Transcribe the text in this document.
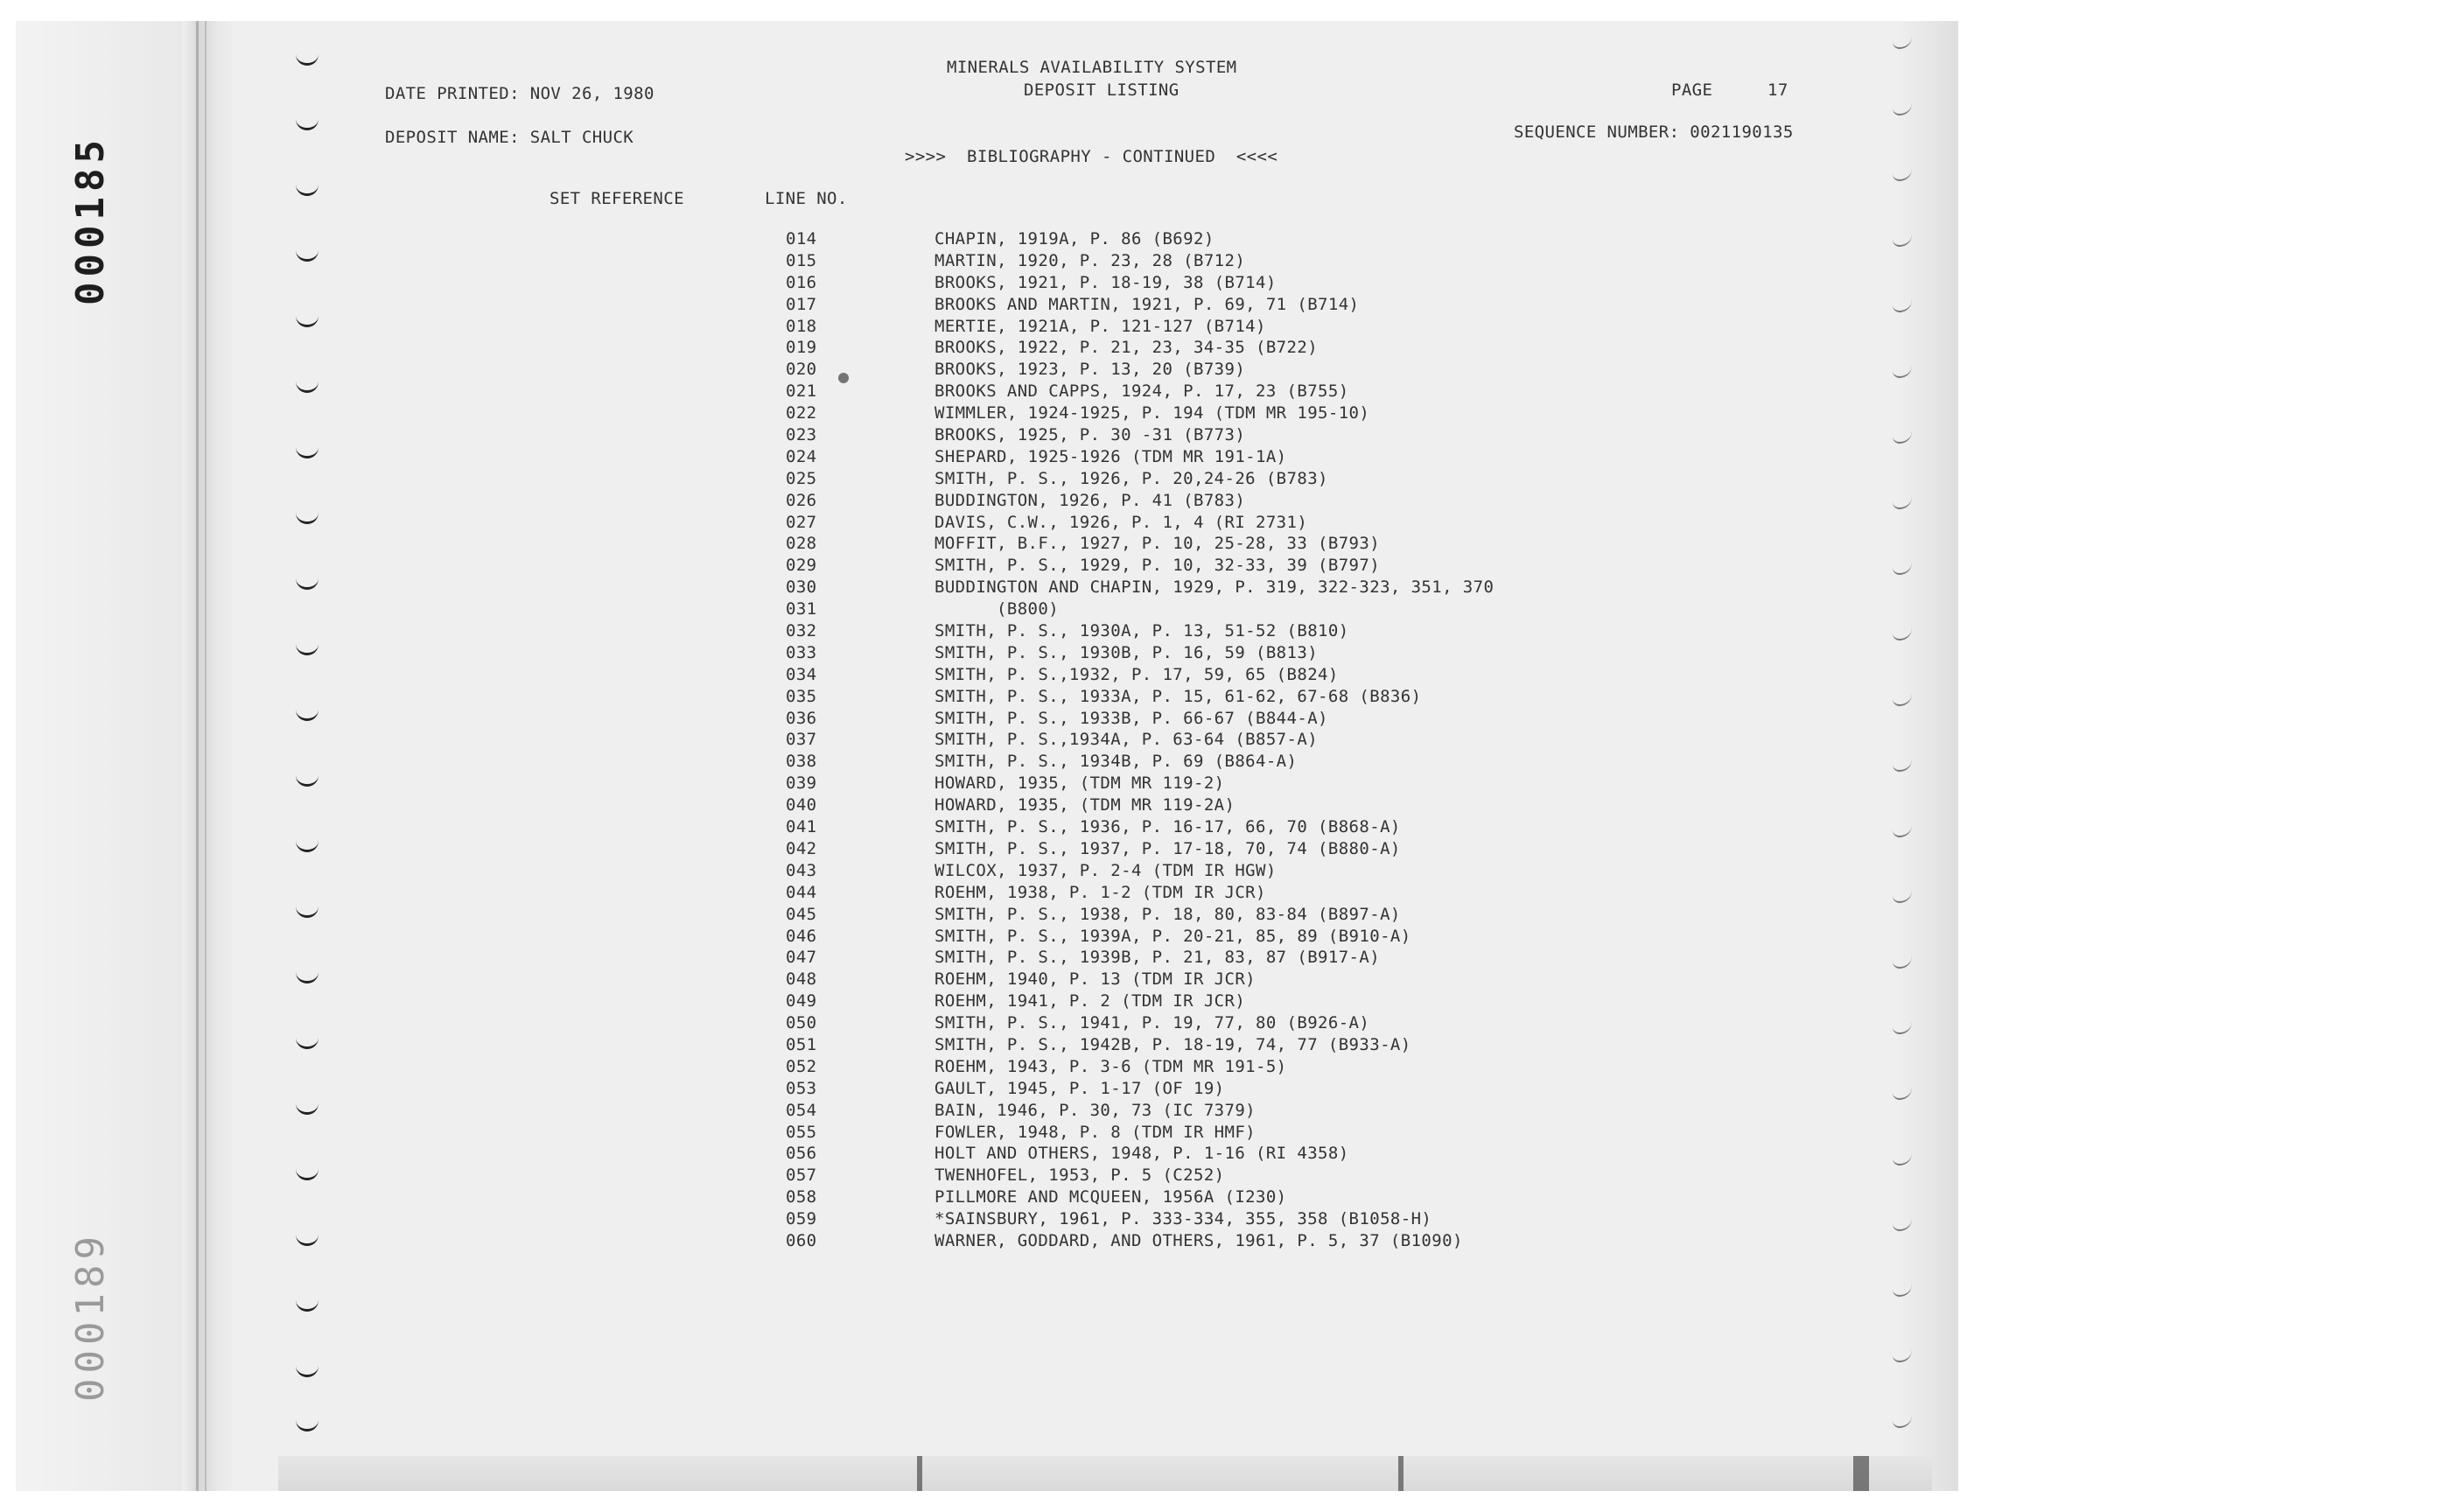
000185
000189
MINERALS AVAILABILITY SYSTEM
DEPOSIT LISTING
DATE PRINTED: NOV 26, 1980	PAGE	17
DEPOSIT NAME: SALT CHUCK	SEQUENCE NUMBER: 0021190135
>>>>  BIBLIOGRAPHY - CONTINUED  <<<<
SET REFERENCE	LINE NO.
014	CHAPIN, 1919A, P. 86 (B692)
015	MARTIN, 1920, P. 23, 28 (B712)
016	BROOKS, 1921, P. 18-19, 38 (B714)
017	BROOKS AND MARTIN, 1921, P. 69, 71 (B714)
018	MERTIE, 1921A, P. 121-127 (B714)
019	BROOKS, 1922, P. 21, 23, 34-35 (B722)
020	BROOKS, 1923, P. 13, 20 (B739)
021	BROOKS AND CAPPS, 1924, P. 17, 23 (B755)
022	WIMMLER, 1924-1925, P. 194 (TDM MR 195-10)
023	BROOKS, 1925, P. 30 -31 (B773)
024	SHEPARD, 1925-1926 (TDM MR 191-1A)
025	SMITH, P. S., 1926, P. 20,24-26 (B783)
026	BUDDINGTON, 1926, P. 41 (B783)
027	DAVIS, C.W., 1926, P. 1, 4 (RI 2731)
028	MOFFIT, B.F., 1927, P. 10, 25-28, 33 (B793)
029	SMITH, P. S., 1929, P. 10, 32-33, 39 (B797)
030	BUDDINGTON AND CHAPIN, 1929, P. 319, 322-323, 351, 370
031	(B800)
032	SMITH, P. S., 1930A, P. 13, 51-52 (B810)
033	SMITH, P. S., 1930B, P. 16, 59 (B813)
034	SMITH, P. S.,1932, P. 17, 59, 65 (B824)
035	SMITH, P. S., 1933A, P. 15, 61-62, 67-68 (B836)
036	SMITH, P. S., 1933B, P. 66-67 (B844-A)
037	SMITH, P. S.,1934A, P. 63-64 (B857-A)
038	SMITH, P. S., 1934B, P. 69 (B864-A)
039	HOWARD, 1935, (TDM MR 119-2)
040	HOWARD, 1935, (TDM MR 119-2A)
041	SMITH, P. S., 1936, P. 16-17, 66, 70 (B868-A)
042	SMITH, P. S., 1937, P. 17-18, 70, 74 (B880-A)
043	WILCOX, 1937, P. 2-4 (TDM IR HGW)
044	ROEHM, 1938, P. 1-2 (TDM IR JCR)
045	SMITH, P. S., 1938, P. 18, 80, 83-84 (B897-A)
046	SMITH, P. S., 1939A, P. 20-21, 85, 89 (B910-A)
047	SMITH, P. S., 1939B, P. 21, 83, 87 (B917-A)
048	ROEHM, 1940, P. 13 (TDM IR JCR)
049	ROEHM, 1941, P. 2 (TDM IR JCR)
050	SMITH, P. S., 1941, P. 19, 77, 80 (B926-A)
051	SMITH, P. S., 1942B, P. 18-19, 74, 77 (B933-A)
052	ROEHM, 1943, P. 3-6 (TDM MR 191-5)
053	GAULT, 1945, P. 1-17 (OF 19)
054	BAIN, 1946, P. 30, 73 (IC 7379)
055	FOWLER, 1948, P. 8 (TDM IR HMF)
056	HOLT AND OTHERS, 1948, P. 1-16 (RI 4358)
057	TWENHOFEL, 1953, P. 5 (C252)
058	PILLMORE AND MCQUEEN, 1956A (I230)
059	*SAINSBURY, 1961, P. 333-334, 355, 358 (B1058-H)
060	WARNER, GODDARD, AND OTHERS, 1961, P. 5, 37 (B1090)
